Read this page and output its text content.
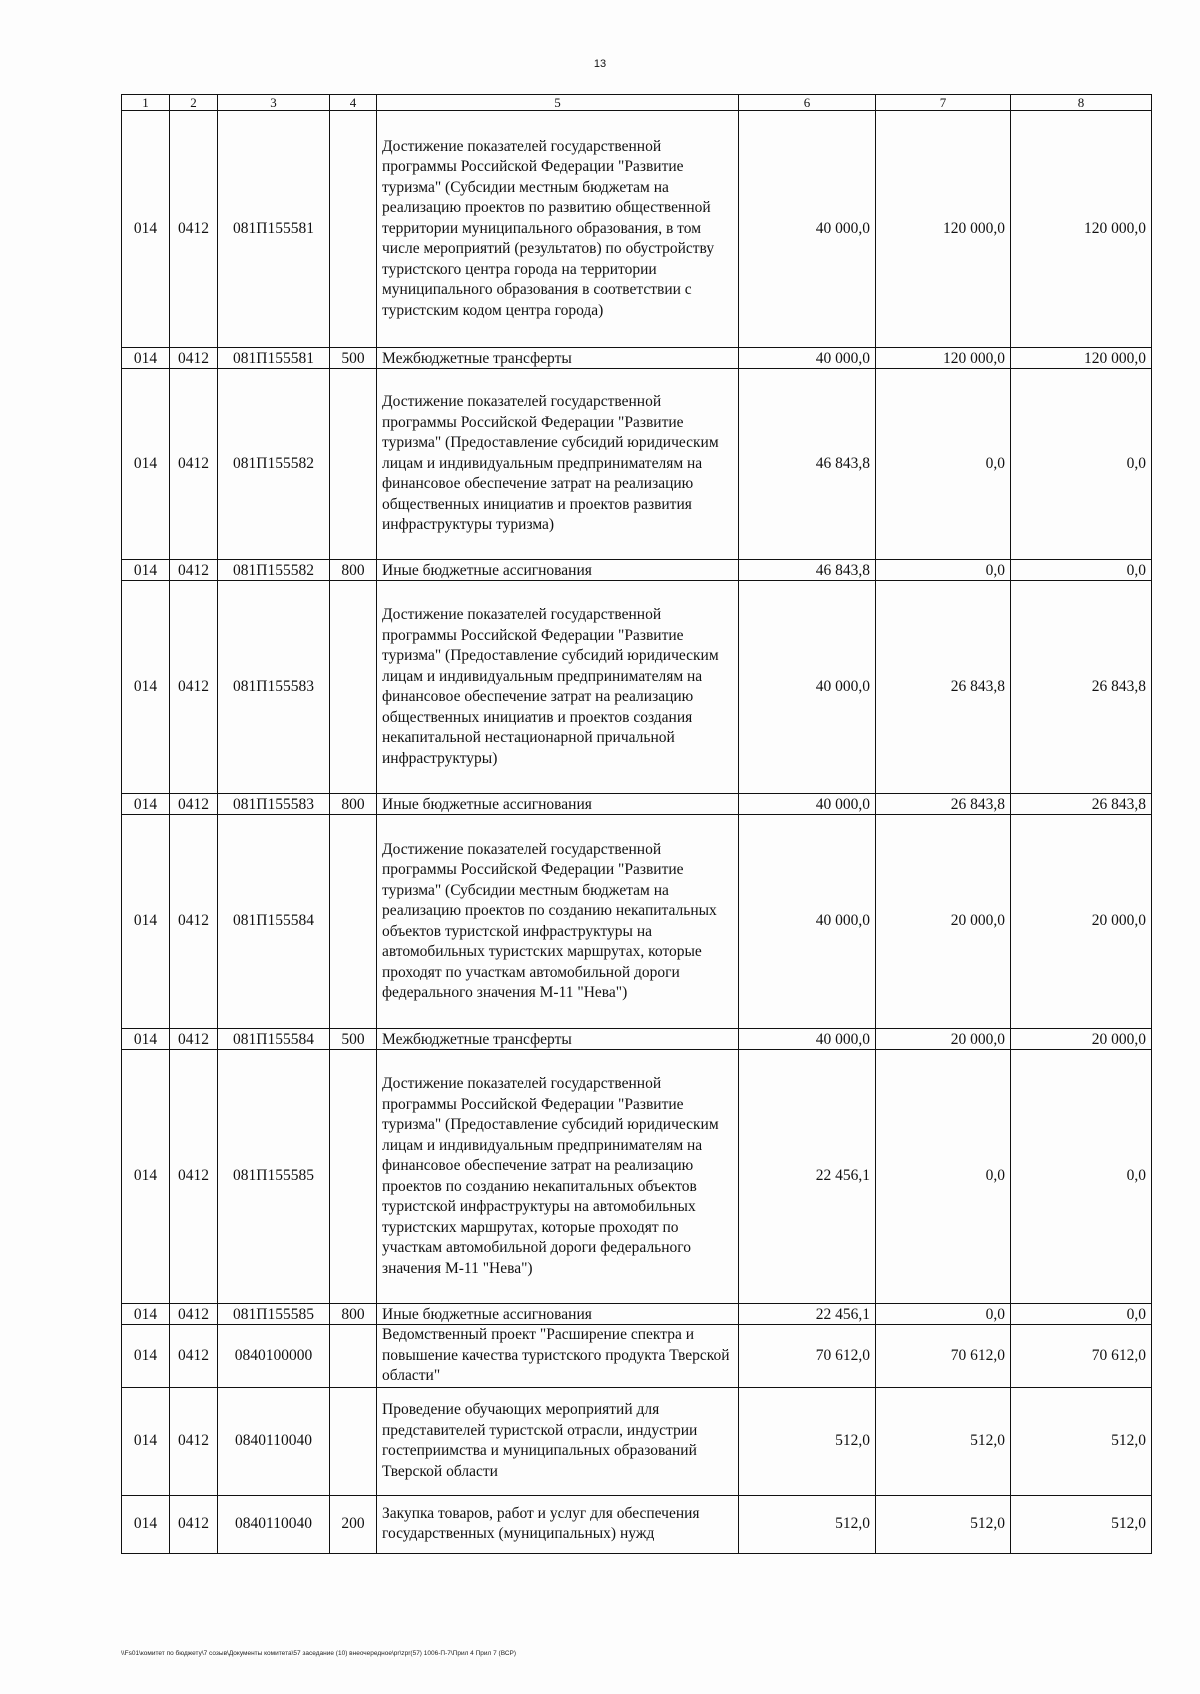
13
1	2	3	4	5	6	7	8
014	0412	081П155581		Достижение показателей государственной программы Российской Федерации "Развитие туризма" (Субсидии местным бюджетам на реализацию проектов по развитию общественной территории муниципального образования, в том числе мероприятий (результатов) по обустройству туристского центра города на территории муниципального образования в соответствии с туристским кодом центра города)	40 000,0	120 000,0	120 000,0
014	0412	081П155581	500	Межбюджетные трансферты	40 000,0	120 000,0	120 000,0
014	0412	081П155582		Достижение показателей государственной программы Российской Федерации "Развитие туризма" (Предоставление субсидий юридическим лицам и индивидуальным предпринимателям на финансовое обеспечение затрат на реализацию общественных инициатив и проектов развития инфраструктуры туризма)	46 843,8	0,0	0,0
014	0412	081П155582	800	Иные бюджетные ассигнования	46 843,8	0,0	0,0
014	0412	081П155583		Достижение показателей государственной программы Российской Федерации "Развитие туризма" (Предоставление субсидий юридическим лицам и индивидуальным предпринимателям на финансовое обеспечение затрат на реализацию общественных инициатив и проектов создания некапитальной нестационарной причальной инфраструктуры)	40 000,0	26 843,8	26 843,8
014	0412	081П155583	800	Иные бюджетные ассигнования	40 000,0	26 843,8	26 843,8
014	0412	081П155584		Достижение показателей государственной программы Российской Федерации "Развитие туризма" (Субсидии местным бюджетам на реализацию проектов по созданию некапитальных объектов туристской инфраструктуры на автомобильных туристских маршрутах, которые проходят по участкам автомобильной дороги федерального значения М-11 "Нева")	40 000,0	20 000,0	20 000,0
014	0412	081П155584	500	Межбюджетные трансферты	40 000,0	20 000,0	20 000,0
014	0412	081П155585		Достижение показателей государственной программы Российской Федерации "Развитие туризма" (Предоставление субсидий юридическим лицам и индивидуальным предпринимателям на финансовое обеспечение затрат на реализацию проектов по созданию некапитальных объектов туристской инфраструктуры на автомобильных туристских маршрутах, которые проходят по участкам автомобильной дороги федерального значения М-11 "Нева")	22 456,1	0,0	0,0
014	0412	081П155585	800	Иные бюджетные ассигнования	22 456,1	0,0	0,0
014	0412	0840100000		Ведомственный проект "Расширение спектра и повышение качества туристского продукта Тверской области"	70 612,0	70 612,0	70 612,0
014	0412	0840110040		Проведение обучающих мероприятий для представителей туристской отрасли, индустрии гостеприимства и муниципальных образований Тверской области	512,0	512,0	512,0
014	0412	0840110040	200	Закупка товаров, работ и услуг для обеспечения государственных (муниципальных) нужд	512,0	512,0	512,0
\\Fs01\комитет по бюджету\7 созыв\Документы комитета\57 заседание (10) внеочередное\pr\zpr(57) 1006-П-7\Прил 4 Прил 7 (ВСР)
